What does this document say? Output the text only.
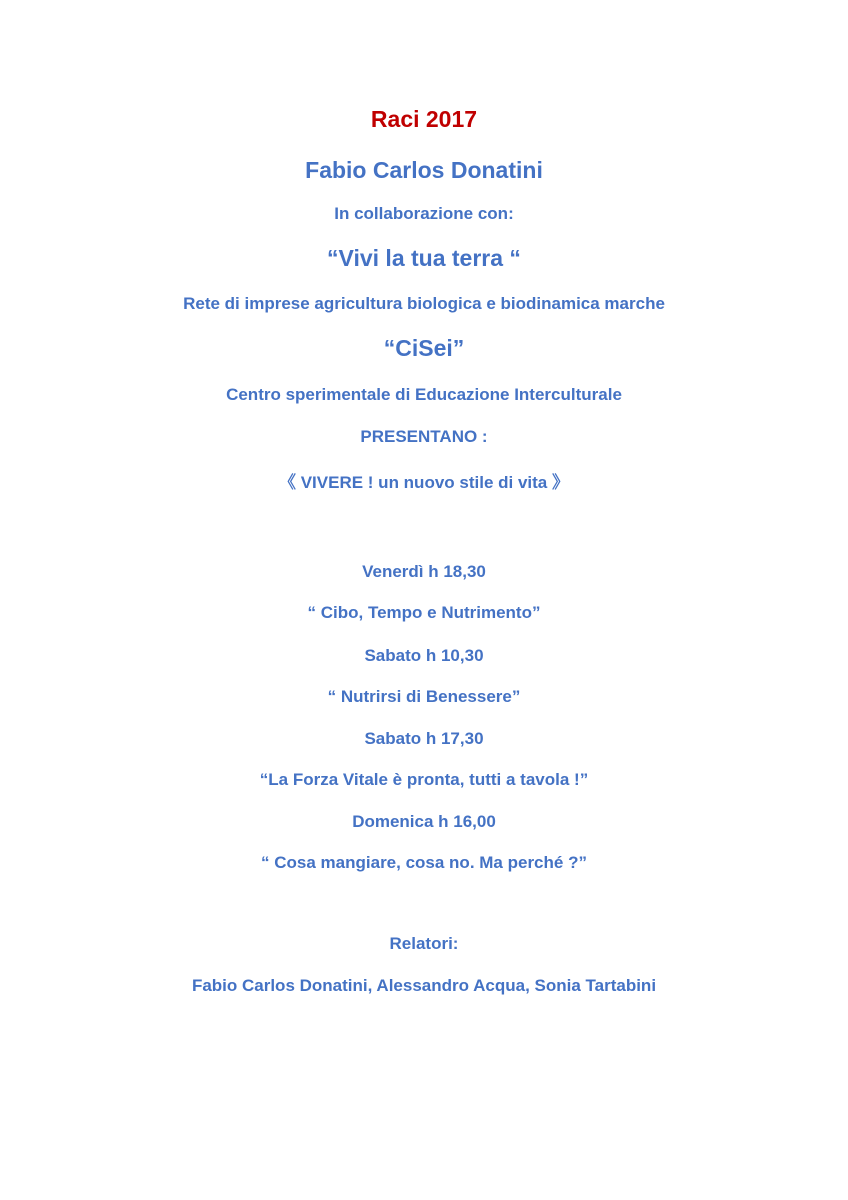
Raci 2017
Fabio Carlos Donatini
In collaborazione con:
“Vivi la tua terra “
Rete di imprese agricultura biologica e biodinamica marche
“CiSei”
Centro sperimentale di Educazione Interculturale
PRESENTANO :
《 VIVERE ! un nuovo stile di vita 》
Venerdì h 18,30
“ Cibo, Tempo e Nutrimento”
Sabato h 10,30
“ Nutrirsi di Benessere”
Sabato h 17,30
“La Forza Vitale è pronta, tutti a tavola !”
Domenica h 16,00
“ Cosa mangiare, cosa no. Ma perché ?”
Relatori:
Fabio Carlos Donatini, Alessandro Acqua, Sonia Tartabini
